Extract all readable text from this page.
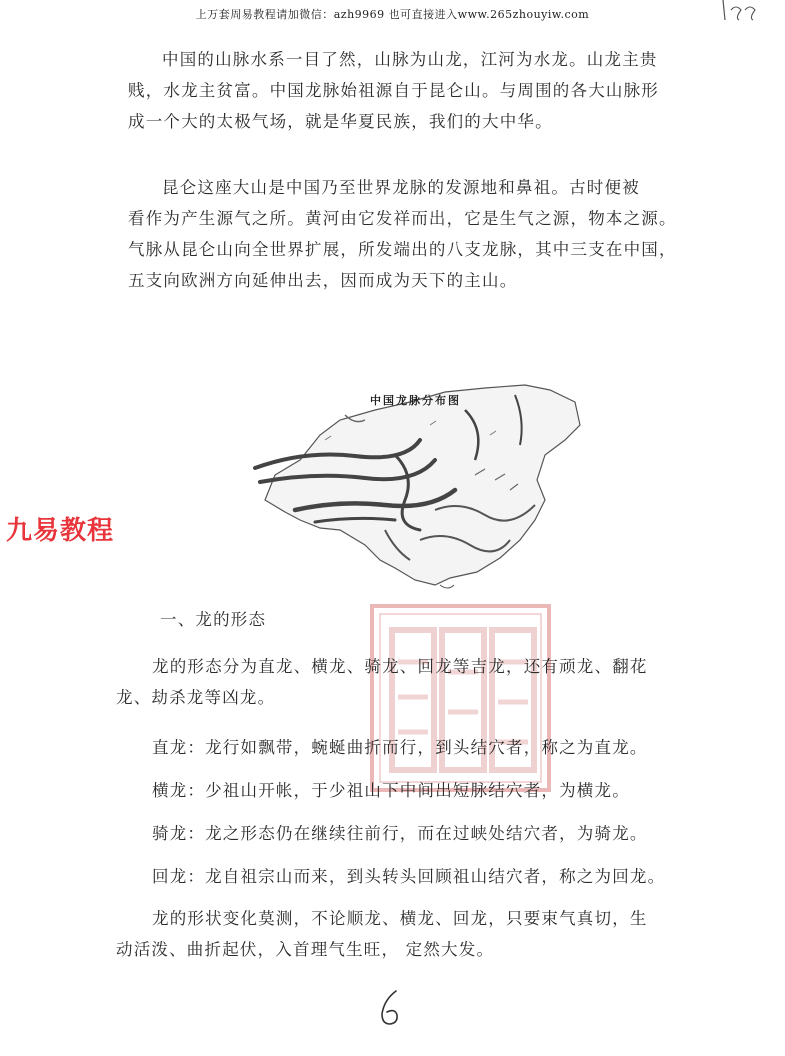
上万套周易教程请加微信：azh9969 也可直接进入www.265zhouyiw.com
中国的山脉水系一目了然，山脉为山龙，江河为水龙。山龙主贵
贱，水龙主贫富。中国龙脉始祖源自于昆仑山。与周围的各大山脉形
成一个大的太极气场，就是华夏民族，我们的大中华。
昆仑这座大山是中国乃至世界龙脉的发源地和鼻祖。古时便被
看作为产生源气之所。黄河由它发祥而出，它是生气之源，物本之源。
气脉从昆仑山向全世界扩展，所发端出的八支龙脉，其中三支在中国，
五支向欧洲方向延伸出去，因而成为天下的主山。
中国龙脉分布图
九易教程
一、龙的形态
龙的形态分为直龙、横龙、骑龙、回龙等吉龙，还有顽龙、翻花
龙、劫杀龙等凶龙。
直龙：龙行如飘带，蜿蜒曲折而行，到头结穴者，称之为直龙。
横龙：少祖山开帐，于少祖山下中间出短脉结穴者，为横龙。
骑龙：龙之形态仍在继续往前行，而在过峡处结穴者，为骑龙。
回龙：龙自祖宗山而来，到头转头回顾祖山结穴者，称之为回龙。
龙的形状变化莫测，不论顺龙、横龙、回龙，只要束气真切，生
动活泼、曲折起伏，入首理气生旺， 定然大发。
6
